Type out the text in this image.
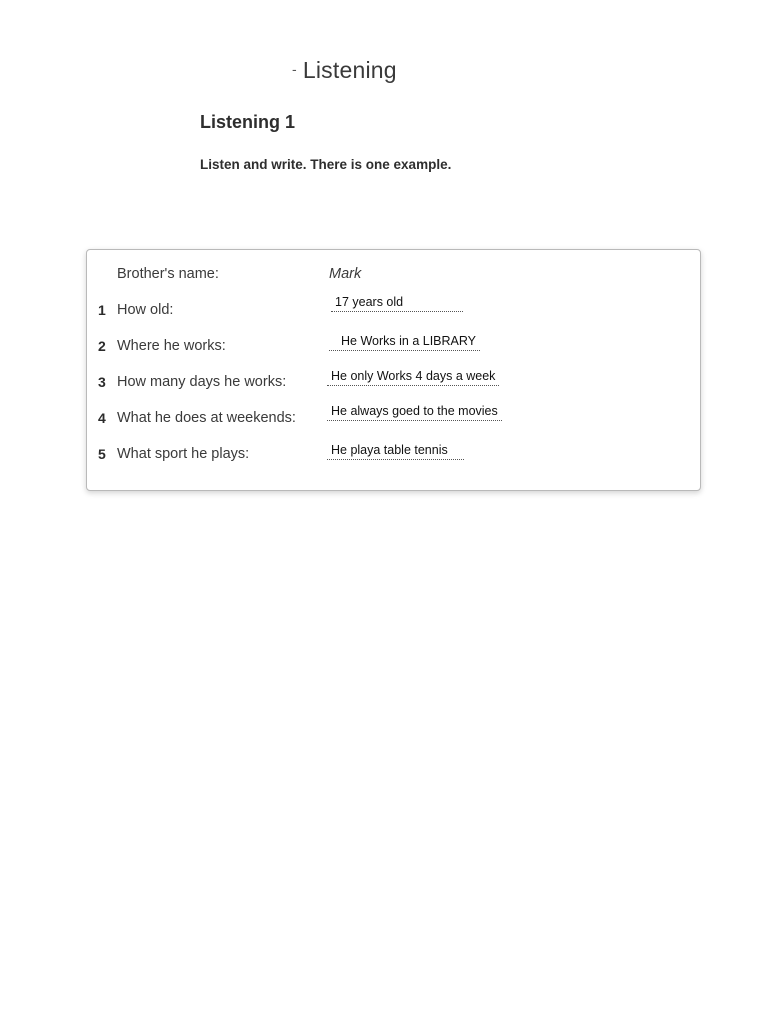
- Listening
Listening 1
Listen and write. There is one example.
Brother's name:	Mark
1 How old:	17 years old
2 Where he works:	He Works in a LIBRARY
3 How many days he works:	He only Works 4 days a week
4 What he does at weekends:	He always goed to the movies
5 What sport he plays:	He playa table tennis
